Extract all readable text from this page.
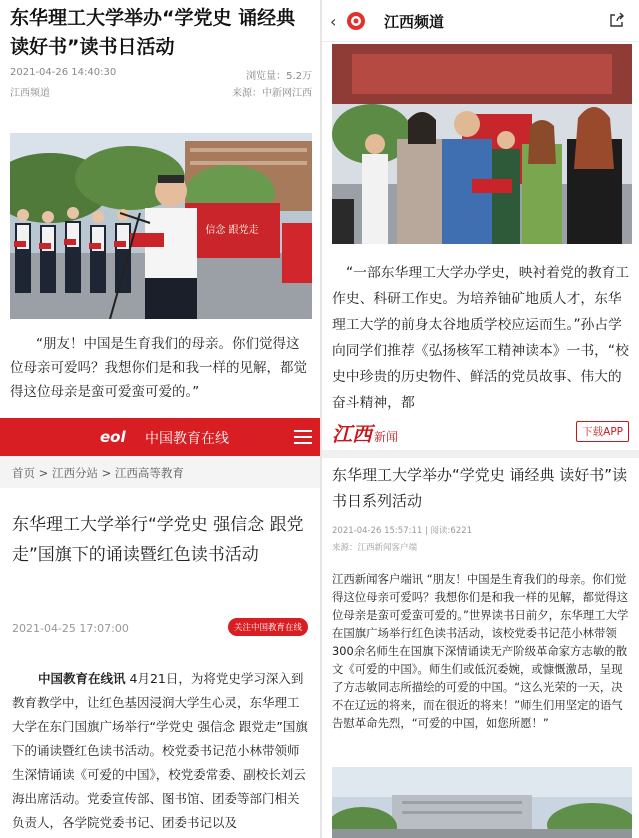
东华理工大学举办“学党史 诵经典 读好书”读书日活动
2021-04-26 14:40:30	浏览量：5.2万
江西频道	来源：中新网江西
信念 跟党走
“朋友！中国是生育我们的母亲。你们觉得这位母亲可爱吗？我想你们是和我一样的见解，都觉得这位母亲是蛮可爱蛮可爱的。”
eol 中国教育在线
首页 > 江西分站 > 江西高等教育
东华理工大学举行“学党史 强信念 跟党走”国旗下的诵读暨红色读书活动
2021-04-25 17:07:00	关注中国教育在线
中国教育在线讯 4月21日，为将党史学习深入到教育教学中，让红色基因浸润大学生心灵，东华理工大学在东门国旗广场举行“学党史 强信念 跟党走”国旗下的诵读暨红色读书活动。校党委书记范小林带领师生深情诵读《可爱的中国》，校党委常委、副校长刘云海出席活动。党委宣传部、图书馆、团委等部门相关负责人，各学院党委书记、团委书记以及
‹	江西频道
“一部东华理工大学办学史，映衬着党的教育工作史、科研工作史。为培养铀矿地质人才，东华理工大学的前身太谷地质学校应运而生。”孙占学向同学们推荐《弘扬核军工精神读本》一书，“校史中珍贵的历史物件、鲜活的党员故事、伟大的奋斗精神，都
江西 新闻	下载APP
东华理工大学举办“学党史 诵经典 读好书”读书日系列活动
2021-04-26 15:57:11 | 阅读:6221
来源：江西新闻客户端
江西新闻客户端讯 “朋友！中国是生育我们的母亲。你们觉得这位母亲可爱吗？我想你们是和我一样的见解，都觉得这位母亲是蛮可爱蛮可爱的。”世界读书日前夕，东华理工大学在国旗广场举行红色读书活动，该校党委书记范小林带领300余名师生在国旗下深情诵读无产阶级革命家方志敏的散文《可爱的中国》。师生们或低沉委婉，或慷慨激昂，呈现了方志敏同志所描绘的可爱的中国。“这么光荣的一天，决不在辽远的将来，而在很近的将来！”师生们用坚定的语气告慰革命先烈，“可爱的中国，如您所愿！”
